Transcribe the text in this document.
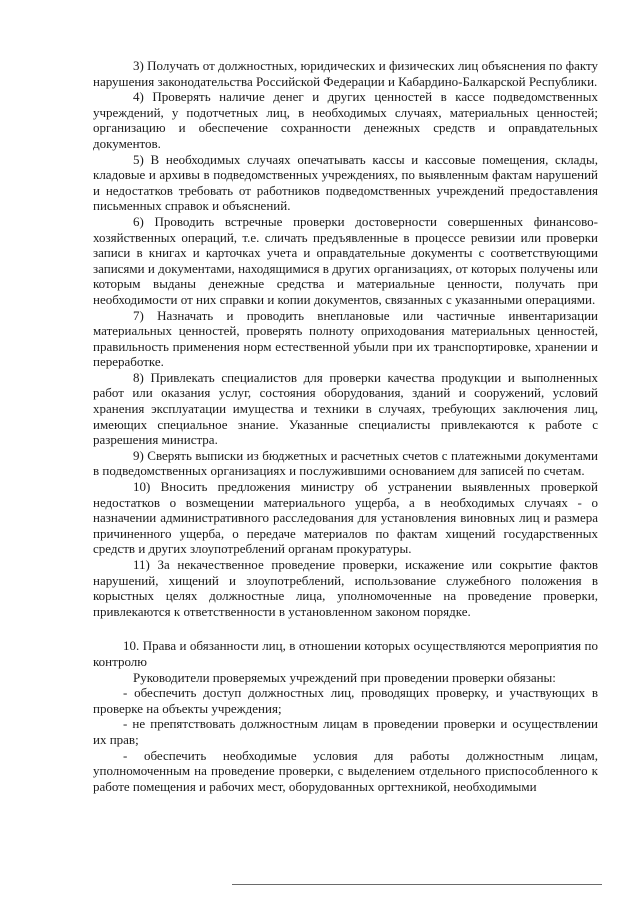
3) Получать от должностных, юридических и физических лиц объяснения по факту нарушения законодательства Российской Федерации и Кабардино-Балкарской Республики.

4) Проверять наличие денег и других ценностей в кассе подведомственных учреждений, у подотчетных лиц, в необходимых случаях, материальных ценностей; организацию и обеспечение сохранности денежных средств и оправдательных документов.

5) В необходимых случаях опечатывать кассы и кассовые помещения, склады, кладовые и архивы в подведомственных учреждениях, по выявленным фактам нарушений и недостатков требовать от работников подведомственных учреждений предоставления письменных справок и объяснений.

6) Проводить встречные проверки достоверности совершенных финансово-хозяйственных операций, т.е. сличать предъявленные в процессе ревизии или проверки записи в книгах и карточках учета и оправдательные документы с соответствующими записями и документами, находящимися в других организациях, от которых получены или которым выданы денежные средства и материальные ценности, получать при необходимости от них справки и копии документов, связанных с указанными операциями.

7) Назначать и проводить внеплановые или частичные инвентаризации материальных ценностей, проверять полноту оприходования материальных ценностей, правильность применения норм естественной убыли при их транспортировке, хранении и переработке.

8) Привлекать специалистов для проверки качества продукции и выполненных работ или оказания услуг, состояния оборудования, зданий и сооружений, условий хранения эксплуатации имущества и техники в случаях, требующих заключения лиц, имеющих специальное знание. Указанные специалисты привлекаются к работе с разрешения министра.

9) Сверять выписки из бюджетных и расчетных счетов с платежными документами в подведомственных организациях и послужившими основанием для записей по счетам.

10) Вносить предложения министру об устранении выявленных проверкой недостатков о возмещении материального ущерба, а в необходимых случаях - о назначении административного расследования для установления виновных лиц и размера причиненного ущерба, о передаче материалов по фактам хищений государственных средств и других злоупотреблений органам прокуратуры.

11) За некачественное проведение проверки, искажение или сокрытие фактов нарушений, хищений и злоупотреблений, использование служебного положения в корыстных целях должностные лица, уполномоченные на проведение проверки, привлекаются к ответственности в установленном законом порядке.

10. Права и обязанности лиц, в отношении которых осуществляются мероприятия по контролю

Руководители проверяемых учреждений при проведении проверки обязаны:

- обеспечить доступ должностных лиц, проводящих проверку, и участвующих в проверке на объекты учреждения;

- не препятствовать должностным лицам в проведении проверки и осуществлении их прав;

- обеспечить необходимые условия для работы должностным лицам, уполномоченным на проведение проверки, с выделением отдельного приспособленного к работе помещения и рабочих мест, оборудованных оргтехникой, необходимыми
